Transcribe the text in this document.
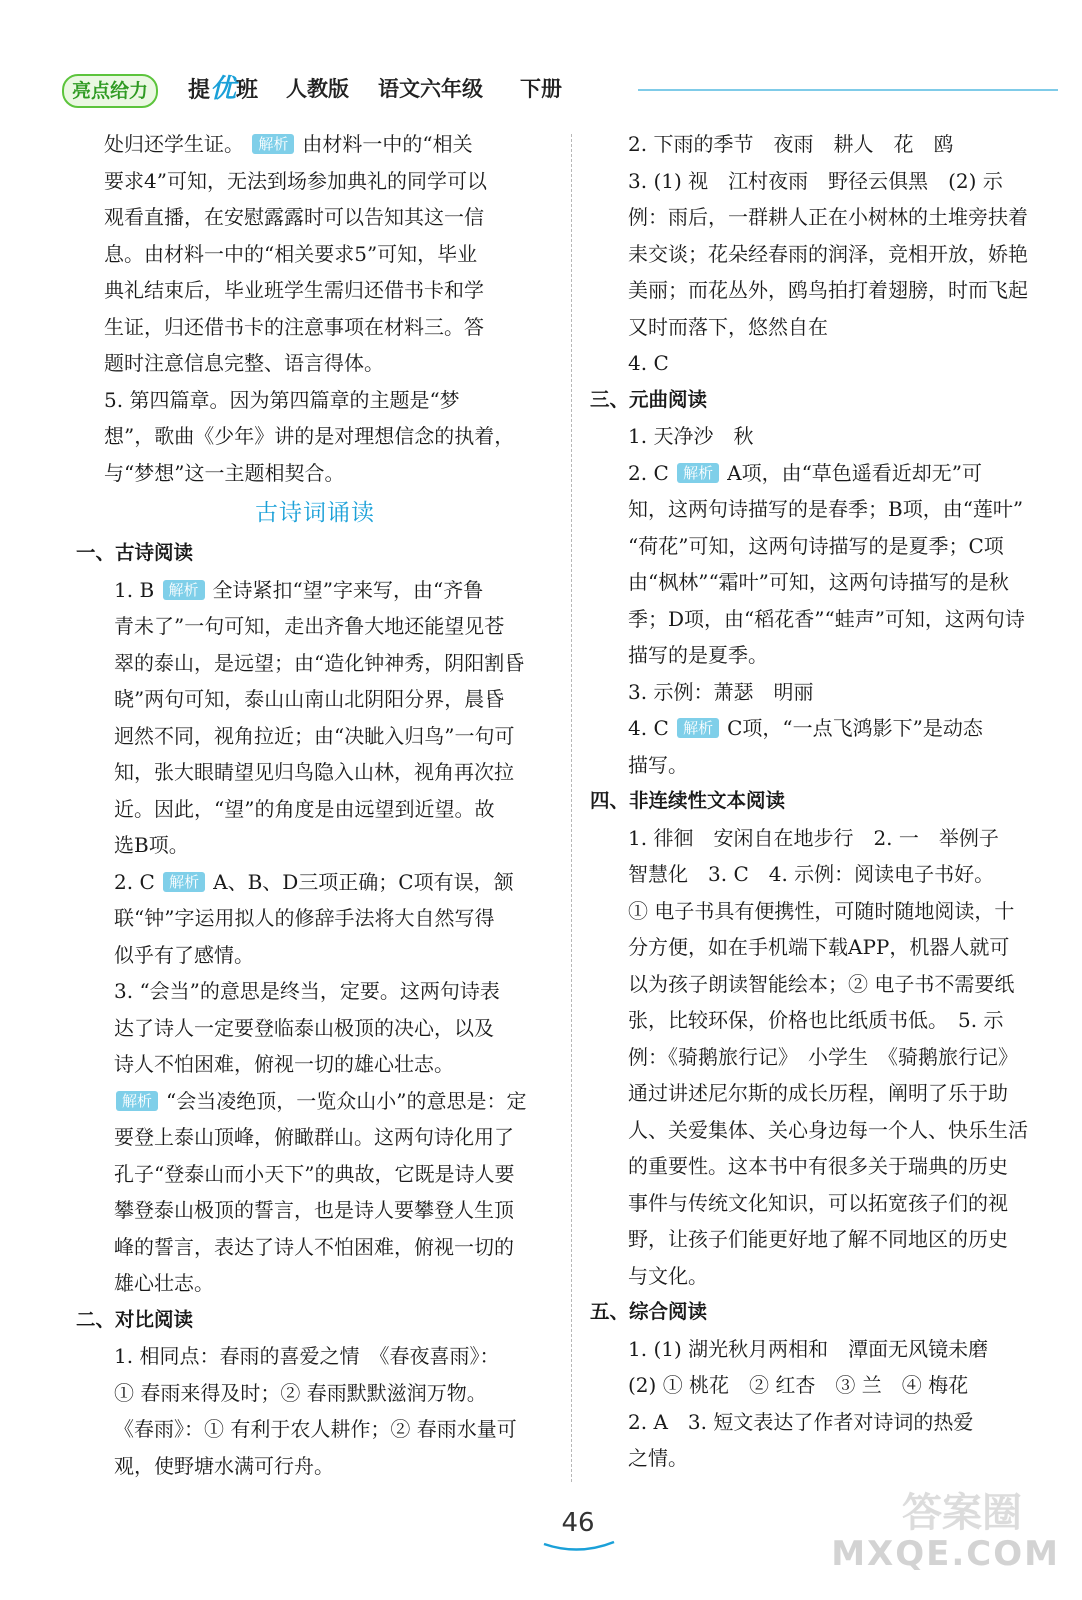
亮点给力	提优班 人教版 语文六年级 下册
处归还学生证。 解析 由材料一中的“相关
要求4”可知，无法到场参加典礼的同学可以
观看直播，在安慰露露时可以告知其这一信
息。由材料一中的“相关要求5”可知，毕业
典礼结束后，毕业班学生需归还借书卡和学
生证，归还借书卡的注意事项在材料三。答
题时注意信息完整、语言得体。
5. 第四篇章。因为第四篇章的主题是“梦
想”，歌曲《少年》讲的是对理想信念的执着，
与“梦想”这一主题相契合。
古诗词诵读
一、古诗阅读
1. B 解析 全诗紧扣“望”字来写，由“齐鲁
青未了”一句可知，走出齐鲁大地还能望见苍
翠的泰山，是远望；由“造化钟神秀，阴阳割昏
晓”两句可知，泰山山南山北阴阳分界，晨昏
迥然不同，视角拉近；由“决眦入归鸟”一句可
知，张大眼睛望见归鸟隐入山林，视角再次拉
近。因此，“望”的角度是由远望到近望。故
选B项。
2. C 解析 A、B、D三项正确；C项有误，颔
联“钟”字运用拟人的修辞手法将大自然写得
似乎有了感情。
3. “会当”的意思是终当，定要。这两句诗表
达了诗人一定要登临泰山极顶的决心，以及
诗人不怕困难，俯视一切的雄心壮志。
解析 “会当凌绝顶，一览众山小”的意思是：定
要登上泰山顶峰，俯瞰群山。这两句诗化用了
孔子“登泰山而小天下”的典故，它既是诗人要
攀登泰山极顶的誓言，也是诗人要攀登人生顶
峰的誓言，表达了诗人不怕困难，俯视一切的
雄心壮志。
二、对比阅读
1. 相同点：春雨的喜爱之情　《春夜喜雨》：
① 春雨来得及时；② 春雨默默滋润万物。
《春雨》：① 有利于农人耕作；② 春雨水量可
观，使野塘水满可行舟。
2. 下雨的季节　夜雨　耕人　花　鸥
3. (1) 视　江村夜雨　野径云俱黑　(2) 示
例：雨后，一群耕人正在小树林的土堆旁扶着
耒交谈；花朵经春雨的润泽，竞相开放，娇艳
美丽；而花丛外，鸥鸟拍打着翅膀，时而飞起
又时而落下，悠然自在
4. C
三、元曲阅读
1. 天净沙　秋
2. C 解析 A项，由“草色遥看近却无”可
知，这两句诗描写的是春季；B项，由“莲叶”
“荷花”可知，这两句诗描写的是夏季；C项
由“枫林”“霜叶”可知，这两句诗描写的是秋
季；D项，由“稻花香”“蛙声”可知，这两句诗
描写的是夏季。
3. 示例：萧瑟　明丽
4. C 解析 C项，“一点飞鸿影下”是动态
描写。
四、非连续性文本阅读
1. 徘徊　安闲自在地步行　2. 一　举例子
智慧化　3. C　4. 示例：阅读电子书好。
① 电子书具有便携性，可随时随地阅读，十
分方便，如在手机端下载APP，机器人就可
以为孩子朗读智能绘本；② 电子书不需要纸
张，比较环保，价格也比纸质书低。　5. 示
例：《骑鹅旅行记》　小学生　《骑鹅旅行记》
通过讲述尼尔斯的成长历程，阐明了乐于助
人、关爱集体、关心身边每一个人、快乐生活
的重要性。这本书中有很多关于瑞典的历史
事件与传统文化知识，可以拓宽孩子们的视
野，让孩子们能更好地了解不同地区的历史
与文化。
五、综合阅读
1. (1) 湖光秋月两相和　潭面无风镜未磨
(2) ① 桃花　② 红杏　③ 兰　④ 梅花
2. A　3. 短文表达了作者对诗词的热爱
之情。
46	答案圈
MXQE.COM
